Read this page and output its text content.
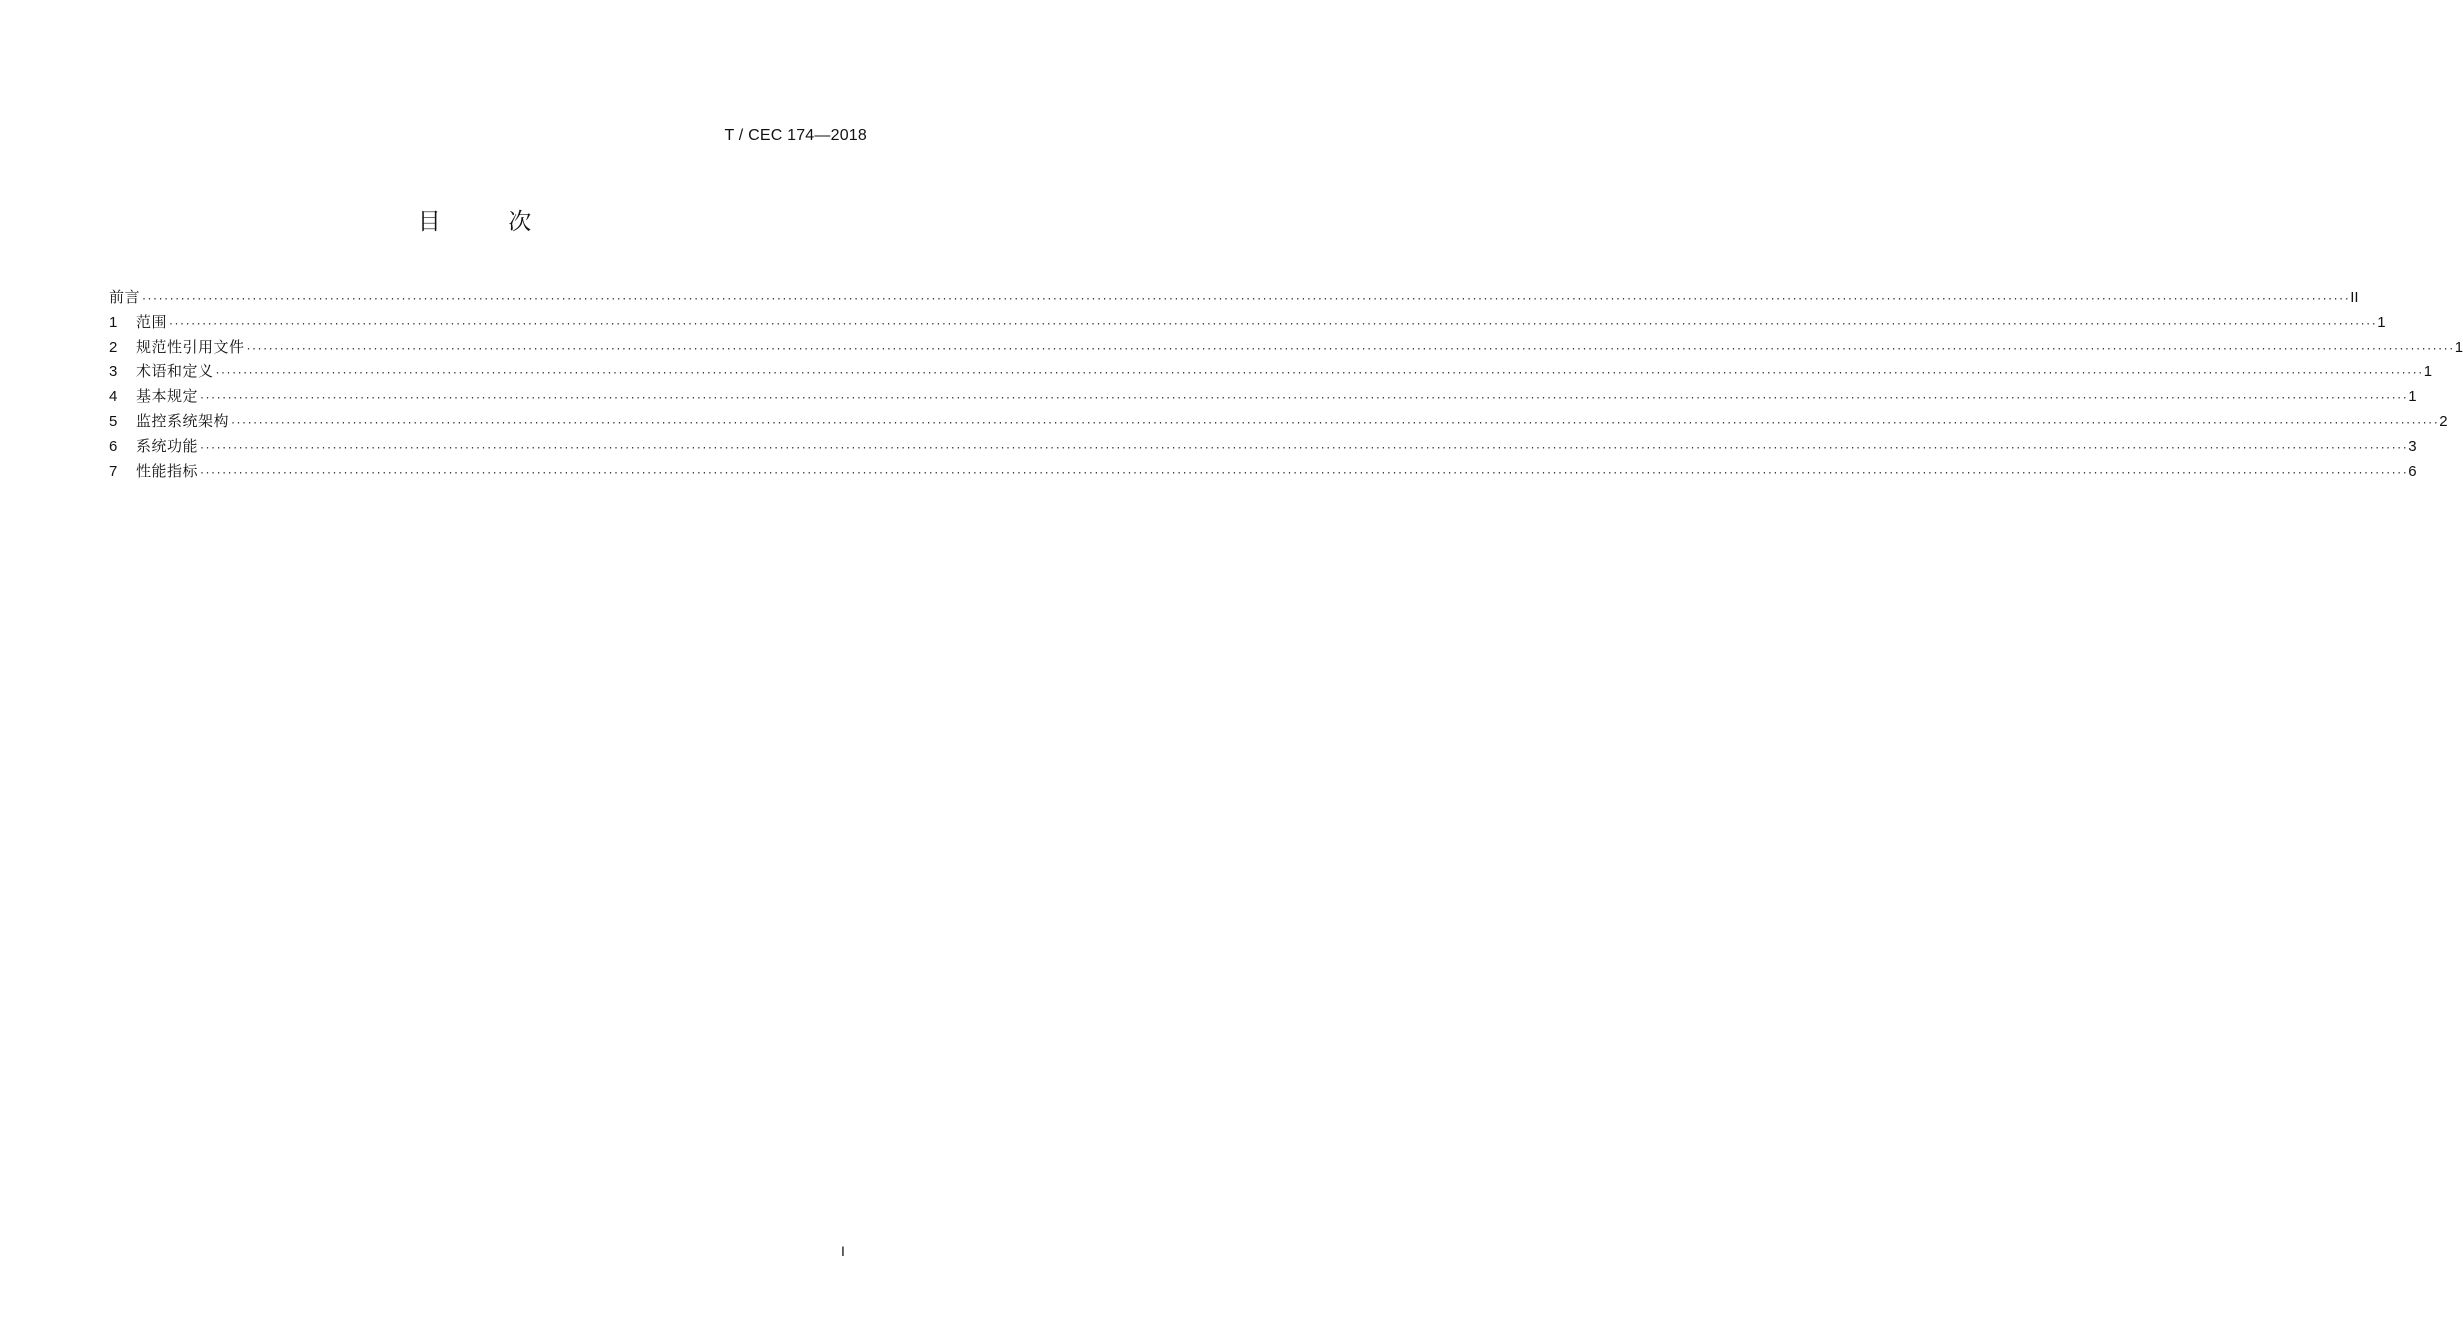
T / CEC 174—2018
目        次
前言 ················································································································································································································································································································································································································ II
1	范围 ················································································································································································································································································································································································································ 1
2	规范性引用文件 ················································································································································································································································································································································································································ 1
3	术语和定义 ················································································································································································································································································································································································································ 1
4	基本规定 ················································································································································································································································································································································································································ 1
5	监控系统架构 ················································································································································································································································································································································································································ 2
6	系统功能 ················································································································································································································································································································································································································ 3
7	性能指标 ················································································································································································································································································································································································································ 6
I
